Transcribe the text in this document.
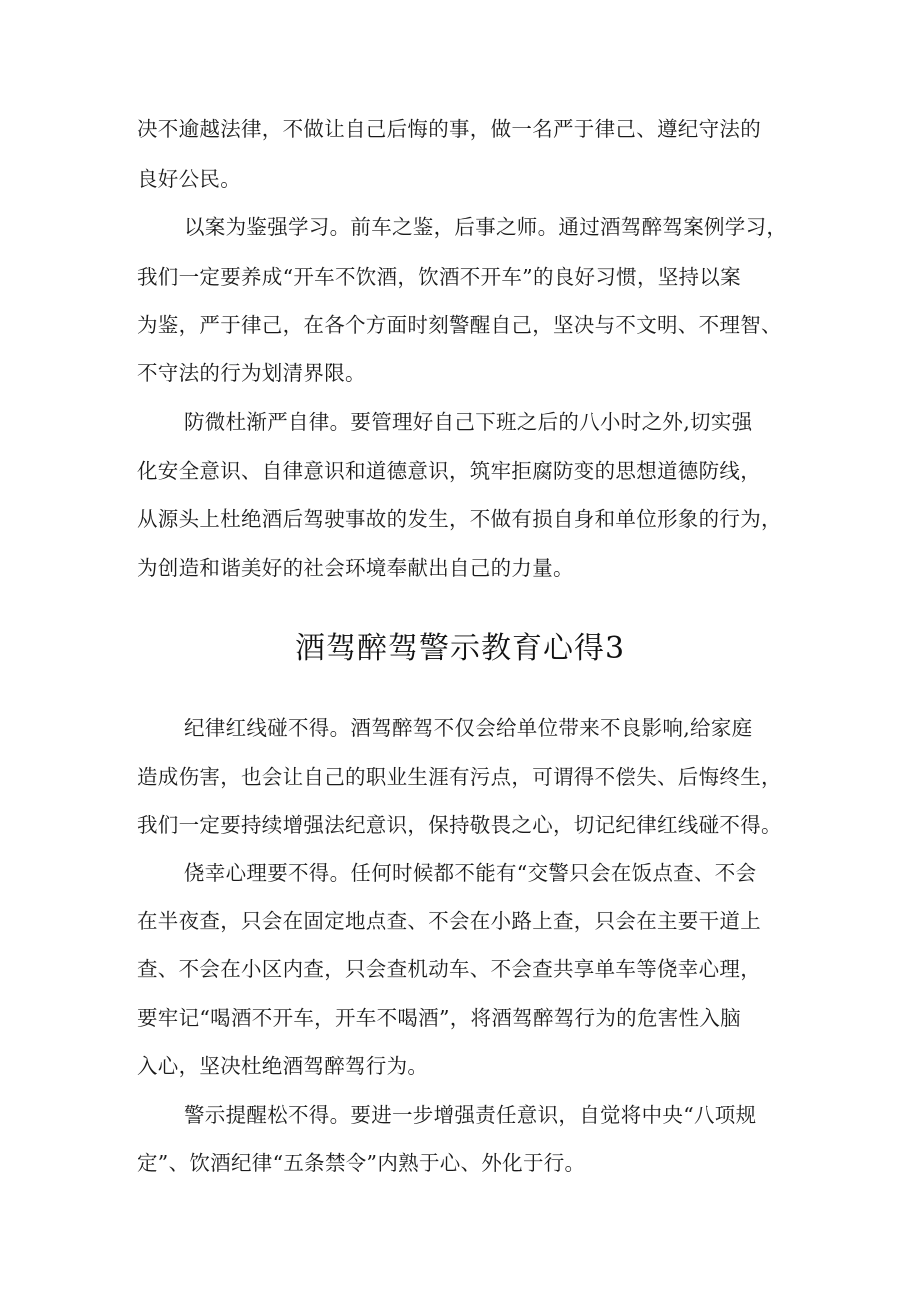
决不逾越法律，不做让自己后悔的事，做一名严于律己、遵纪守法的
良好公民。
以案为鉴强学习。前车之鉴，后事之师。通过酒驾醉驾案例学习，
我们一定要养成“开车不饮酒，饮酒不开车”的良好习惯，坚持以案
为鉴，严于律己，在各个方面时刻警醒自己，坚决与不文明、不理智、
不守法的行为划清界限。
防微杜渐严自律。要管理好自己下班之后的八小时之外,切实强
化安全意识、自律意识和道德意识，筑牢拒腐防变的思想道德防线，
从源头上杜绝酒后驾驶事故的发生，不做有损自身和单位形象的行为，
为创造和谐美好的社会环境奉献出自己的力量。
酒驾醉驾警示教育心得3
纪律红线碰不得。酒驾醉驾不仅会给单位带来不良影响,给家庭
造成伤害，也会让自己的职业生涯有污点，可谓得不偿失、后悔终生，
我们一定要持续增强法纪意识，保持敬畏之心，切记纪律红线碰不得。
侥幸心理要不得。任何时候都不能有“交警只会在饭点查、不会
在半夜查，只会在固定地点查、不会在小路上查，只会在主要干道上
查、不会在小区内查，只会查机动车、不会查共享单车等侥幸心理，
要牢记“喝酒不开车，开车不喝酒”，将酒驾醉驾行为的危害性入脑
入心，坚决杜绝酒驾醉驾行为。
警示提醒松不得。要进一步增强责任意识，自觉将中央“八项规
定”、饮酒纪律“五条禁令”内熟于心、外化于行。
